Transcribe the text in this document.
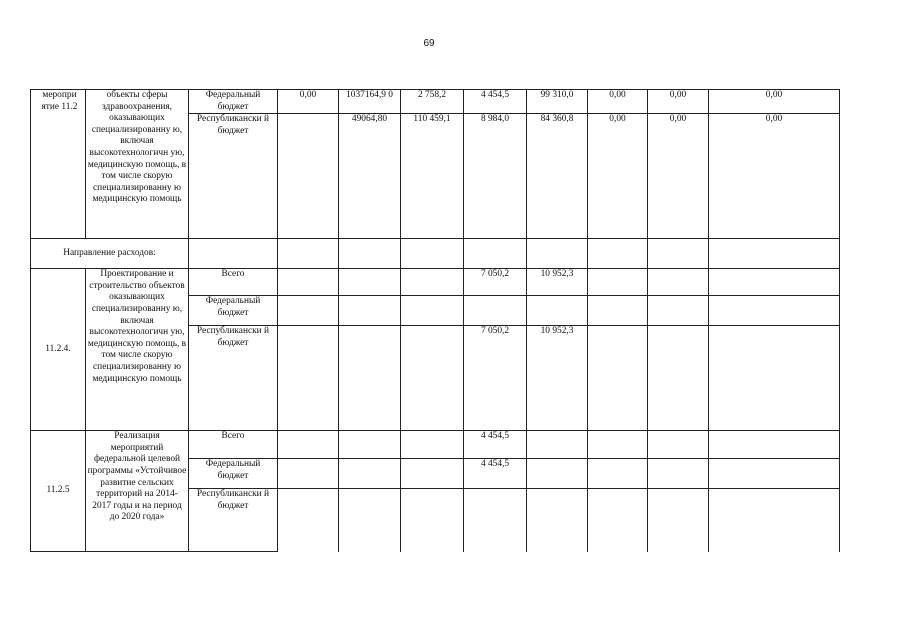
69
меропри ятие 11.2	объекты сферы здравоохранения, оказывающих специализированну ю, включая высокотехнологичн ую, медицинскую помощь, в том числе скорую специализированну ю медицинскую помощь	Федеральный бюджет	0,00	1037164,9 0	2 758,2	4 454,5	99 310,0	0,00	0,00	0,00
		Республикански й бюджет		49064,80	110 459,1	8 984,0	84 360,8	0,00	0,00	0,00
Направление расходов:										
11.2.4.	Проектирование и строительство объектов оказывающих специализированну ю, включая высокотехнологичн ую, медицинскую помощь, в том числе скорую специализированну ю медицинскую помощь	Всего				7 050,2	10 952,3			
		Федеральный бюджет								
		Республикански й бюджет				7 050,2	10 952,3			
11.2.5	Реализация мероприятий федеральной целевой программы «Устойчивое развитие сельских территорий на 2014-2017 годы и на период до 2020 года»	Всего				4 454,5				
		Федеральный бюджет				4 454,5				
		Республикански й бюджет								
